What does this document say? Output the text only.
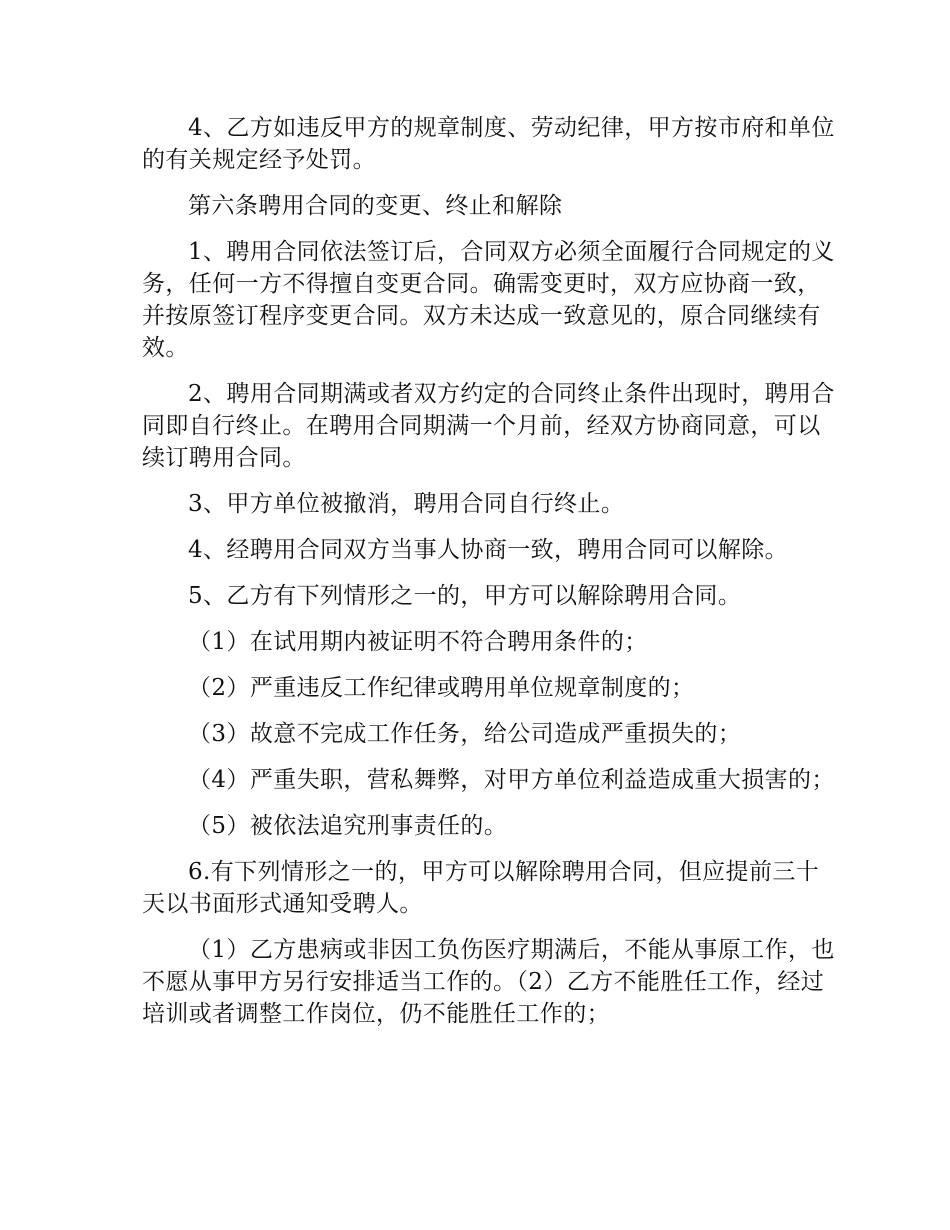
4、乙方如违反甲方的规章制度、劳动纪律，甲方按市府和单位的有关规定经予处罚。

第六条聘用合同的变更、终止和解除

1、聘用合同依法签订后，合同双方必须全面履行合同规定的义务，任何一方不得擅自变更合同。确需变更时，双方应协商一致，并按原签订程序变更合同。双方未达成一致意见的，原合同继续有效。

2、聘用合同期满或者双方约定的合同终止条件出现时，聘用合同即自行终止。在聘用合同期满一个月前，经双方协商同意，可以续订聘用合同。

3、甲方单位被撤消，聘用合同自行终止。

4、经聘用合同双方当事人协商一致，聘用合同可以解除。

5、乙方有下列情形之一的，甲方可以解除聘用合同。

（1）在试用期内被证明不符合聘用条件的；

（2）严重违反工作纪律或聘用单位规章制度的；

（3）故意不完成工作任务，给公司造成严重损失的；

（4）严重失职，营私舞弊，对甲方单位利益造成重大损害的；

（5）被依法追究刑事责任的。

6.有下列情形之一的，甲方可以解除聘用合同，但应提前三十天以书面形式通知受聘人。

（1）乙方患病或非因工负伤医疗期满后，不能从事原工作，也不愿从事甲方另行安排适当工作的。（2）乙方不能胜任工作，经过培训或者调整工作岗位，仍不能胜任工作的；
